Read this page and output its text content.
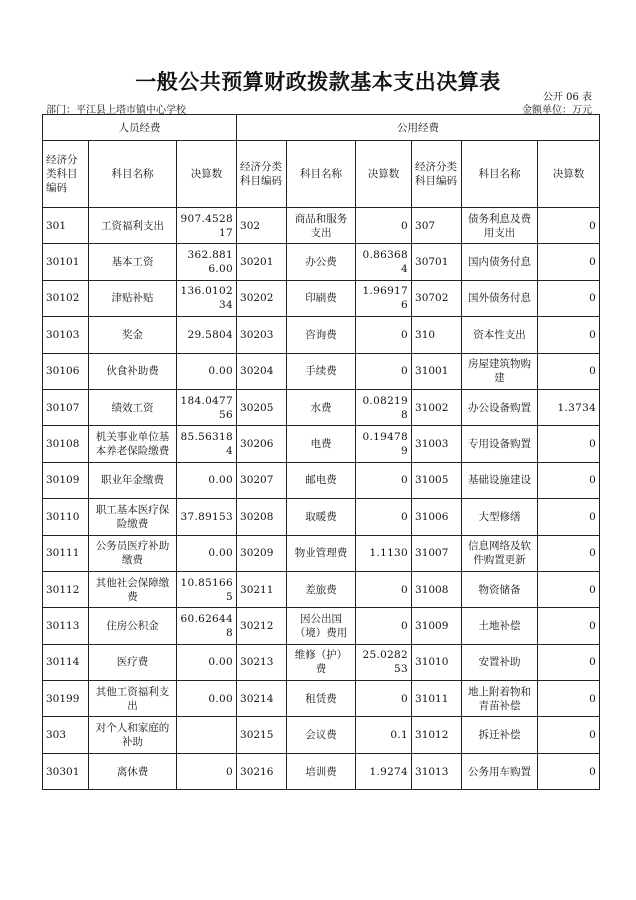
一般公共预算财政拨款基本支出决算表
公开 06 表
部门：平江县上塔市镇中心学校	金额单位：万元
人员经费			公用经费					
经济分类科目编码	科目名称	决算数	经济分类科目编码	科目名称	决算数	经济分类科目编码	科目名称	决算数
301	工资福利支出	907.452817	302	商品和服务支出	0	307	债务利息及费用支出	0
30101	基本工资	362.8816.00	30201	办公费	0.863684	30701	国内债务付息	0
30102	津贴补贴	136.010234	30202	印刷费	1.969176	30702	国外债务付息	0
30103	奖金	29.5804	30203	咨询费	0	310	资本性支出	0
30106	伙食补助费	0.00	30204	手续费	0	31001	房屋建筑物购建	0
30107	绩效工资	184.047756	30205	水费	0.082198	31002	办公设备购置	1.3734
30108	机关事业单位基本养老保险缴费	85.563184	30206	电费	0.194789	31003	专用设备购置	0
30109	职业年金缴费	0.00	30207	邮电费	0	31005	基础设施建设	0
30110	职工基本医疗保险缴费	37.89153	30208	取暖费	0	31006	大型修缮	0
30111	公务员医疗补助缴费	0.00	30209	物业管理费	1.1130	31007	信息网络及软件购置更新	0
30112	其他社会保障缴费	10.851665	30211	差旅费	0	31008	物资储备	0
30113	住房公积金	60.626448	30212	因公出国（境）费用	0	31009	土地补偿	0
30114	医疗费	0.00	30213	维修（护）费	25.028253	31010	安置补助	0
30199	其他工资福利支出	0.00	30214	租赁费	0	31011	地上附着物和青苗补偿	0
303	对个人和家庭的补助		30215	会议费	0.1	31012	拆迁补偿	0
30301	离休费	0	30216	培训费	1.9274	31013	公务用车购置	0
